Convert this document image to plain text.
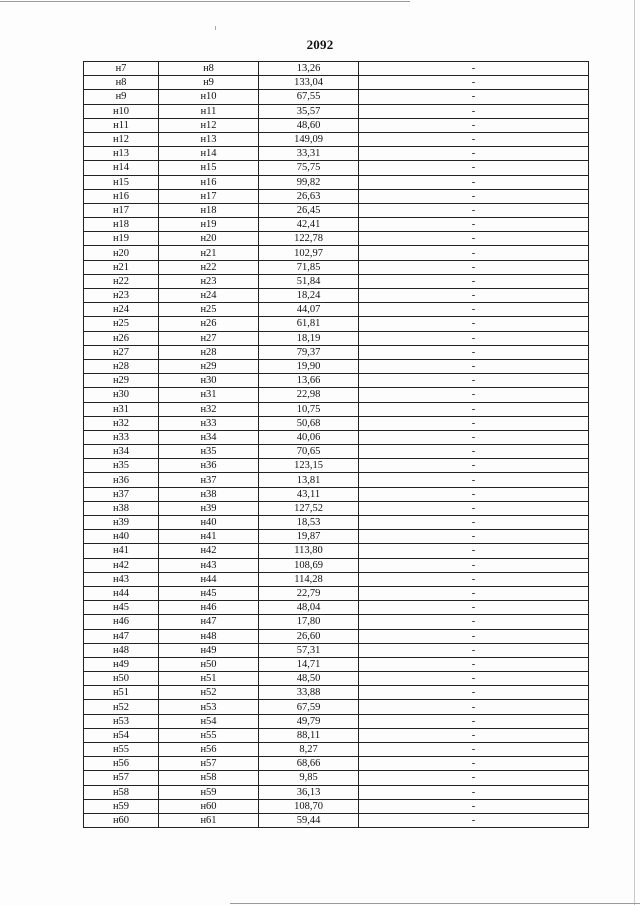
2092
н7	н8	13,26	-
н8	н9	133,04	-
н9	н10	67,55	-
н10	н11	35,57	-
н11	н12	48,60	-
н12	н13	149,09	-
н13	н14	33,31	-
н14	н15	75,75	-
н15	н16	99,82	-
н16	н17	26,63	-
н17	н18	26,45	-
н18	н19	42,41	-
н19	н20	122,78	-
н20	н21	102,97	-
н21	н22	71,85	-
н22	н23	51,84	-
н23	н24	18,24	-
н24	н25	44,07	-
н25	н26	61,81	-
н26	н27	18,19	-
н27	н28	79,37	-
н28	н29	19,90	-
н29	н30	13,66	-
н30	н31	22,98	-
н31	н32	10,75	-
н32	н33	50,68	-
н33	н34	40,06	-
н34	н35	70,65	-
н35	н36	123,15	-
н36	н37	13,81	-
н37	н38	43,11	-
н38	н39	127,52	-
н39	н40	18,53	-
н40	н41	19,87	-
н41	н42	113,80	-
н42	н43	108,69	-
н43	н44	114,28	-
н44	н45	22,79	-
н45	н46	48,04	-
н46	н47	17,80	-
н47	н48	26,60	-
н48	н49	57,31	-
н49	н50	14,71	-
н50	н51	48,50	-
н51	н52	33,88	-
н52	н53	67,59	-
н53	н54	49,79	-
н54	н55	88,11	-
н55	н56	8,27	-
н56	н57	68,66	-
н57	н58	9,85	-
н58	н59	36,13	-
н59	н60	108,70	-
н60	н61	59,44	-
